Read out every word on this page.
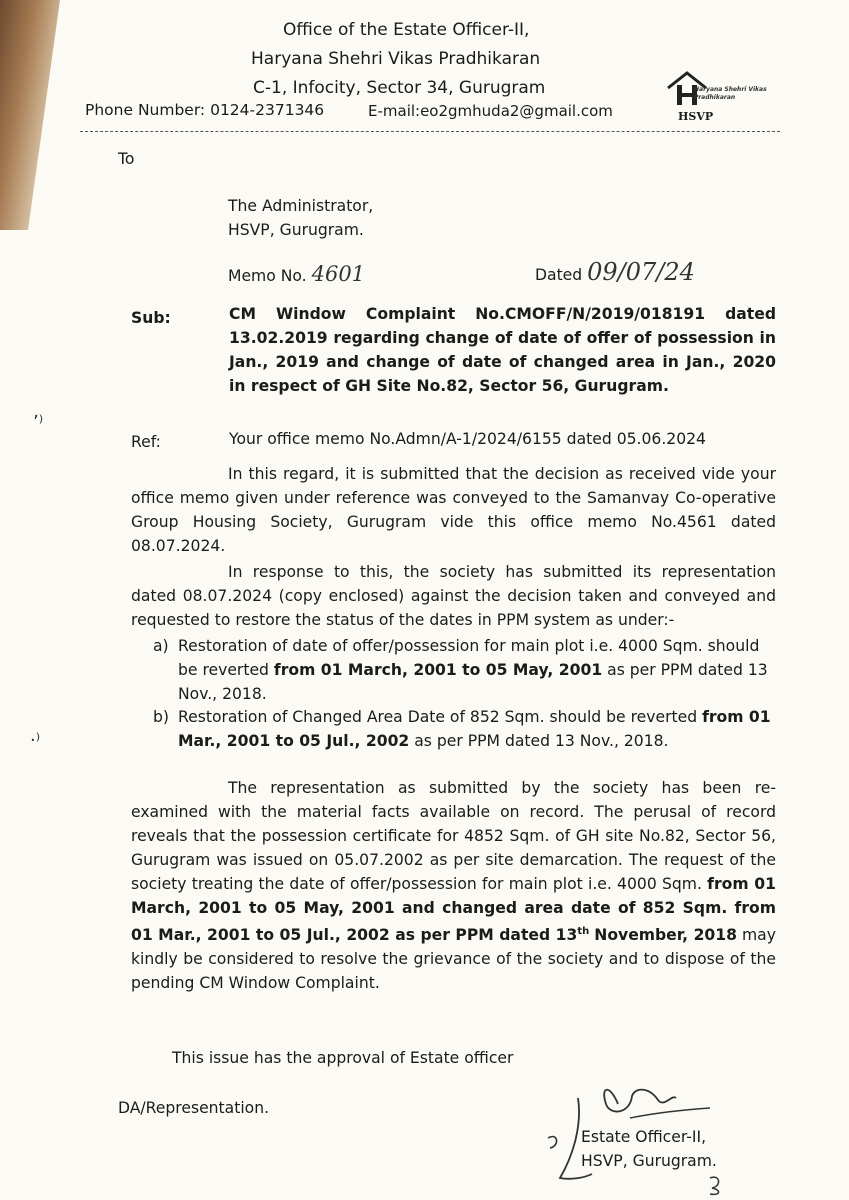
Office of the Estate Officer-II,
Haryana Shehri Vikas Pradhikaran
C-1, Infocity, Sector 34, Gurugram
Phone Number: 0124-2371346	E-mail:eo2gmhuda2@gmail.com
Haryana Shehri Vikas Pradhikaran
HSVP
To
The Administrator,
HSVP, Gurugram.
Memo No. 4601	Dated 09/07/24
Sub:	CM Window Complaint No.CMOFF/N/2019/018191 dated 13.02.2019 regarding change of date of offer of possession in Jan., 2019 and change of date of changed area in Jan., 2020 in respect of GH Site No.82, Sector 56, Gurugram.
Ref:	Your office memo No.Admn/A-1/2024/6155 dated 05.06.2024
In this regard, it is submitted that the decision as received vide your office memo given under reference was conveyed to the Samanvay Co-operative Group Housing Society, Gurugram vide this office memo No.4561 dated 08.07.2024.
In response to this, the society has submitted its representation dated 08.07.2024 (copy enclosed) against the decision taken and conveyed and requested to restore the status of the dates in PPM system as under:-
a) Restoration of date of offer/possession for main plot i.e. 4000 Sqm. should be reverted from 01 March, 2001 to 05 May, 2001 as per PPM dated 13 Nov., 2018.
b) Restoration of Changed Area Date of 852 Sqm. should be reverted from 01 Mar., 2001 to 05 Jul., 2002 as per PPM dated 13 Nov., 2018.
The representation as submitted by the society has been re-examined with the material facts available on record. The perusal of record reveals that the possession certificate for 4852 Sqm. of GH site No.82, Sector 56, Gurugram was issued on 05.07.2002 as per site demarcation. The request of the society treating the date of offer/possession for main plot i.e. 4000 Sqm. from 01 March, 2001 to 05 May, 2001 and changed area date of 852 Sqm. from 01 Mar., 2001 to 05 Jul., 2002 as per PPM dated 13th November, 2018 may kindly be considered to resolve the grievance of the society and to dispose of the pending CM Window Complaint.
This issue has the approval of Estate officer
DA/Representation.
Estate Officer-II,
HSVP, Gurugram.
ʼ⁾
·⁾
